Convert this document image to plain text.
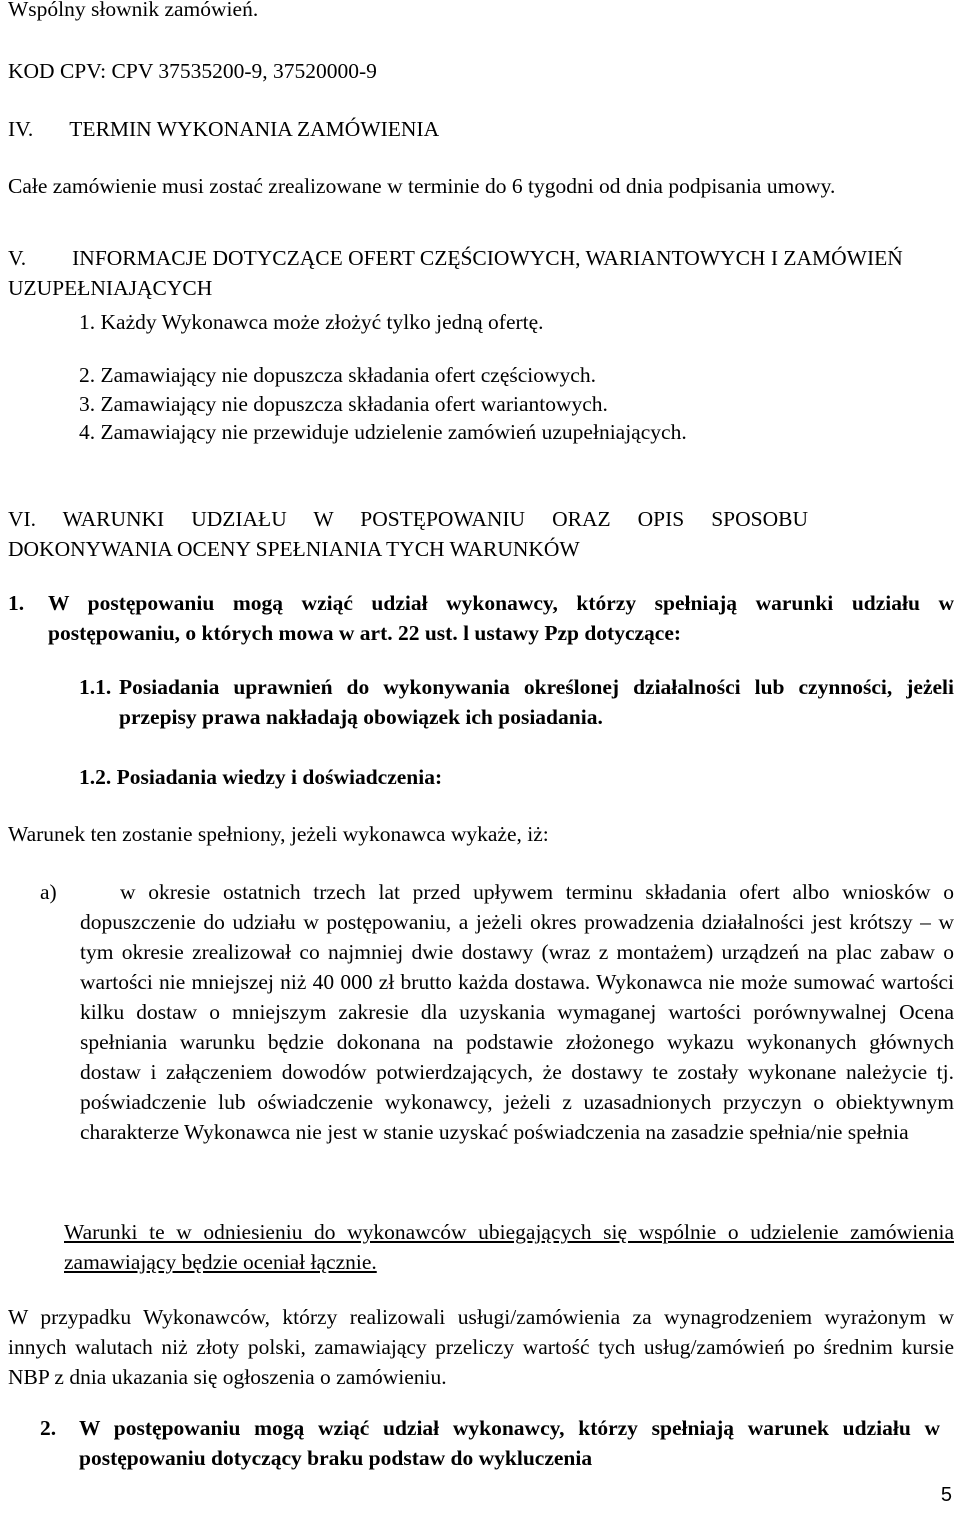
Wspólny słownik zamówień.

KOD CPV: CPV 37535200-9, 37520000-9

IV. TERMIN WYKONANIA ZAMÓWIENIA

Całe zamówienie musi zostać zrealizowane w terminie do 6 tygodni od dnia podpisania umowy.

V. INFORMACJE DOTYCZĄCE OFERT CZĘŚCIOWYCH, WARIANTOWYCH I ZAMÓWIEŃ UZUPEŁNIAJĄCYCH
1. Każdy Wykonawca może złożyć tylko jedną ofertę.
2. Zamawiający nie dopuszcza składania ofert częściowych.
3. Zamawiający nie dopuszcza składania ofert wariantowych.
4. Zamawiający nie przewiduje udzielenie zamówień uzupełniających.

VI. WARUNKI UDZIAŁU W POSTĘPOWANIU ORAZ OPIS SPOSOBU DOKONYWANIA OCENY SPEŁNIANIA TYCH WARUNKÓW

1. W postępowaniu mogą wziąć udział wykonawcy, którzy spełniają warunki udziału w postępowaniu, o których mowa w art. 22 ust. l ustawy Pzp dotyczące:

1.1. Posiadania uprawnień do wykonywania określonej działalności lub czynności, jeżeli przepisy prawa nakładają obowiązek ich posiadania.

1.2. Posiadania wiedzy i doświadczenia:

Warunek ten zostanie spełniony, jeżeli wykonawca wykaże, iż:

a)	w okresie ostatnich trzech lat przed upływem terminu składania ofert albo wniosków o dopuszczenie do udziału w postępowaniu, a jeżeli okres prowadzenia działalności jest krótszy – w tym okresie zrealizował co najmniej dwie dostawy (wraz z montażem) urządzeń na plac zabaw o wartości nie mniejszej niż 40 000 zł brutto każda dostawa. Wykonawca nie może sumować wartości kilku dostaw o mniejszym zakresie dla uzyskania wymaganej wartości porównywalnej Ocena spełniania warunku będzie dokonana na podstawie złożonego wykazu wykonanych głównych dostaw i załączeniem dowodów potwierdzających, że dostawy te zostały wykonane należycie tj. poświadczenie lub oświadczenie wykonawcy, jeżeli z uzasadnionych przyczyn o obiektywnym charakterze Wykonawca nie jest w stanie uzyskać poświadczenia na zasadzie spełnia/nie spełnia

Warunki te w odniesieniu do wykonawców ubiegających się wspólnie o udzielenie zamówienia zamawiający będzie oceniał łącznie.

W przypadku Wykonawców, którzy realizowali usługi/zamówienia za wynagrodzeniem wyrażonym w innych walutach niż złoty polski, zamawiający przeliczy wartość tych usług/zamówień po średnim kursie NBP z dnia ukazania się ogłoszenia o zamówieniu.

2. W postępowaniu mogą wziąć udział wykonawcy, którzy spełniają warunek udziału w postępowaniu dotyczący braku podstaw do wykluczenia

5
